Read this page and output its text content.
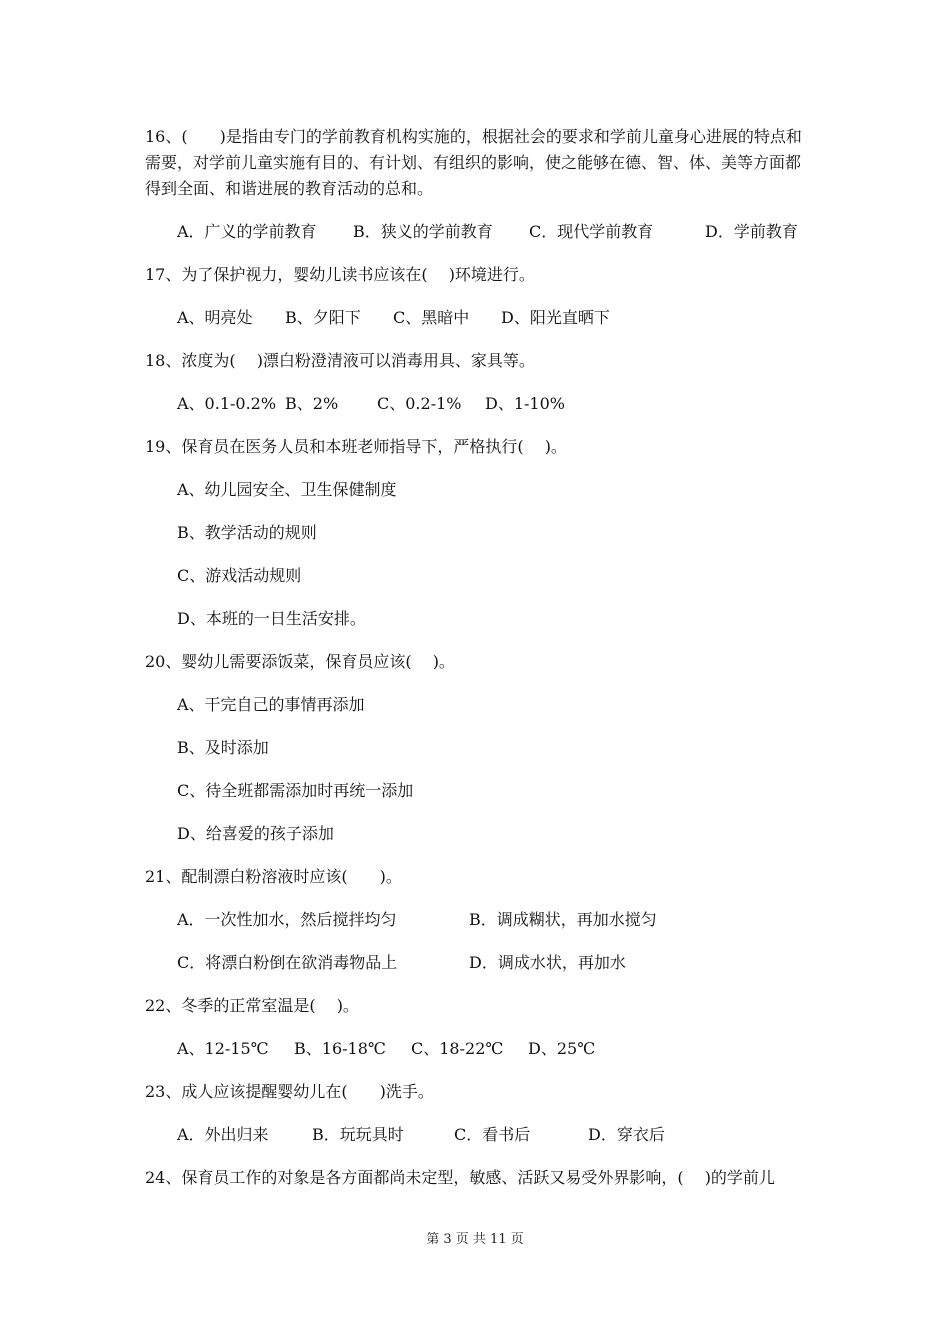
16、(　　)是指由专门的学前教育机构实施的，根据社会的要求和学前儿童身心进展的特点和需要，对学前儿童实施有目的、有计划、有组织的影响，使之能够在德、智、体、美等方面都得到全面、和谐进展的教育活动的总和。

A．广义的学前教育	B．狭义的学前教育	C．现代学前教育	D．学前教育

17、为了保护视力，婴幼儿读书应该在(　 )环境进行。

A、明亮处	B、夕阳下	C、黑暗中	D、阳光直晒下

18、浓度为(　 )漂白粉澄清液可以消毒用具、家具等。

A、0.1-0.2% B、2%	C、0.2-1%	D、1-10%

19、保育员在医务人员和本班老师指导下，严格执行(　 )。

A、幼儿园安全、卫生保健制度
B、教学活动的规则
C、游戏活动规则
D、本班的一日生活安排。

20、婴幼儿需要添饭菜，保育员应该(　 )。

A、干完自己的事情再添加
B、及时添加
C、待全班都需添加时再统一添加
D、给喜爱的孩子添加

21、配制漂白粉溶液时应该(　　)。

A．一次性加水，然后搅拌均匀	B．调成糊状，再加水搅匀
C．将漂白粉倒在欲消毒物品上	D．调成水状，再加水

22、冬季的正常室温是(　 )。

A、12-15℃	B、16-18℃	C、18-22℃	D、25℃

23、成人应该提醒婴幼儿在(　　)洗手。

A．外出归来	B．玩玩具时	C．看书后	D．穿衣后

24、保育员工作的对象是各方面都尚未定型，敏感、活跃又易受外界影响，(　 )的学前儿

第 3 页 共 11 页
